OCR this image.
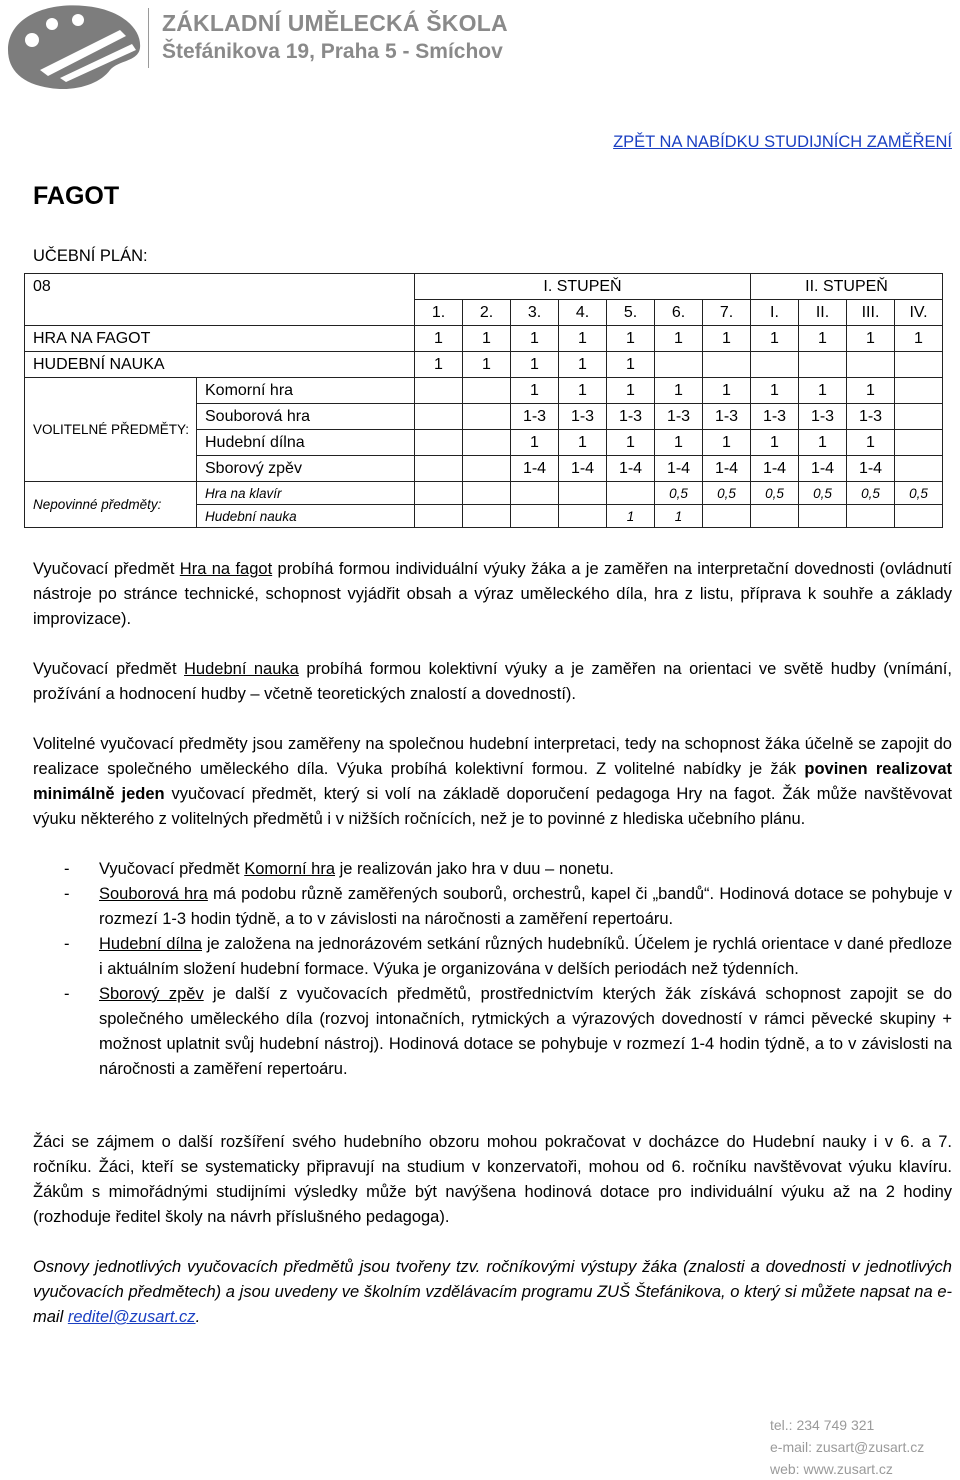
ZÁKLADNÍ UMĚLECKÁ ŠKOLA
Štefánikova 19, Praha 5 - Smíchov
ZPĚT NA NABÍDKU STUDIJNÍCH ZAMĚŘENÍ
FAGOT
UČEBNÍ PLÁN:
08		I. STUPEŇ							II. STUPEŇ			
		1.	2.	3.	4.	5.	6.	7.	I.	II.	III.	IV.
HRA NA FAGOT		1	1	1	1	1	1	1	1	1	1	1
HUDEBNÍ NAUKA		1	1	1	1	1						
VOLITELNÉ PŘEDMĚTY:	Komorní hra			1	1	1	1	1	1	1	1	
	Souborová hra			1-3	1-3	1-3	1-3	1-3	1-3	1-3	1-3	
	Hudební dílna			1	1	1	1	1	1	1	1	
	Sborový zpěv			1-4	1-4	1-4	1-4	1-4	1-4	1-4	1-4	
Nepovinné předměty:	Hra na klavír						0,5	0,5	0,5	0,5	0,5	0,5
	Hudební nauka					1	1					
Vyučovací předmět Hra na fagot probíhá formou individuální výuky žáka a je zaměřen na interpretační dovednosti (ovládnutí nástroje po stránce technické, schopnost vyjádřit obsah a výraz uměleckého díla, hra z listu, příprava k souhře a základy improvizace).
Vyučovací předmět Hudební nauka probíhá formou kolektivní výuky a je zaměřen na orientaci ve světě hudby (vnímání, prožívání a hodnocení hudby – včetně teoretických znalostí a dovedností).
Volitelné vyučovací předměty jsou zaměřeny na společnou hudební interpretaci, tedy na schopnost žáka účelně se zapojit do realizace společného uměleckého díla. Výuka probíhá kolektivní formou. Z volitelné nabídky je žák povinen realizovat minimálně jeden vyučovací předmět, který si volí na základě doporučení pedagoga Hry na fagot. Žák může navštěvovat výuku některého z volitelných předmětů i v nižších ročnících, než je to povinné z hlediska učebního plánu.
- Vyučovací předmět Komorní hra je realizován jako hra v duu – nonetu.
- Souborová hra má podobu různě zaměřených souborů, orchestrů, kapel či „bandů“. Hodinová dotace se pohybuje v rozmezí 1-3 hodin týdně, a to v závislosti na náročnosti a zaměření repertoáru.
- Hudební dílna je založena na jednorázovém setkání různých hudebníků. Účelem je rychlá orientace v dané předloze i aktuálním složení hudební formace. Výuka je organizována v delších periodách než týdenních.
- Sborový zpěv je další z vyučovacích předmětů, prostřednictvím kterých žák získává schopnost zapojit se do společného uměleckého díla (rozvoj intonačních, rytmických a výrazových dovedností v rámci pěvecké skupiny + možnost uplatnit svůj hudební nástroj). Hodinová dotace se pohybuje v rozmezí 1-4 hodin týdně, a to v závislosti na náročnosti a zaměření repertoáru.
Žáci se zájmem o další rozšíření svého hudebního obzoru mohou pokračovat v docházce do Hudební nauky i v 6. a 7. ročníku. Žáci, kteří se systematicky připravují na studium v konzervatoři, mohou od 6. ročníku navštěvovat výuku klavíru. Žákům s mimořádnými studijními výsledky může být navýšena hodinová dotace pro individuální výuku až na 2 hodiny (rozhoduje ředitel školy na návrh příslušného pedagoga).
Osnovy jednotlivých vyučovacích předmětů jsou tvořeny tzv. ročníkovými výstupy žáka (znalosti a dovednosti v jednotlivých vyučovacích předmětech) a jsou uvedeny ve školním vzdělávacím programu ZUŠ Štefánikova, o který si můžete napsat na e-mail reditel@zusart.cz.
tel.: 234 749 321
e-mail: zusart@zusart.cz
web: www.zusart.cz
